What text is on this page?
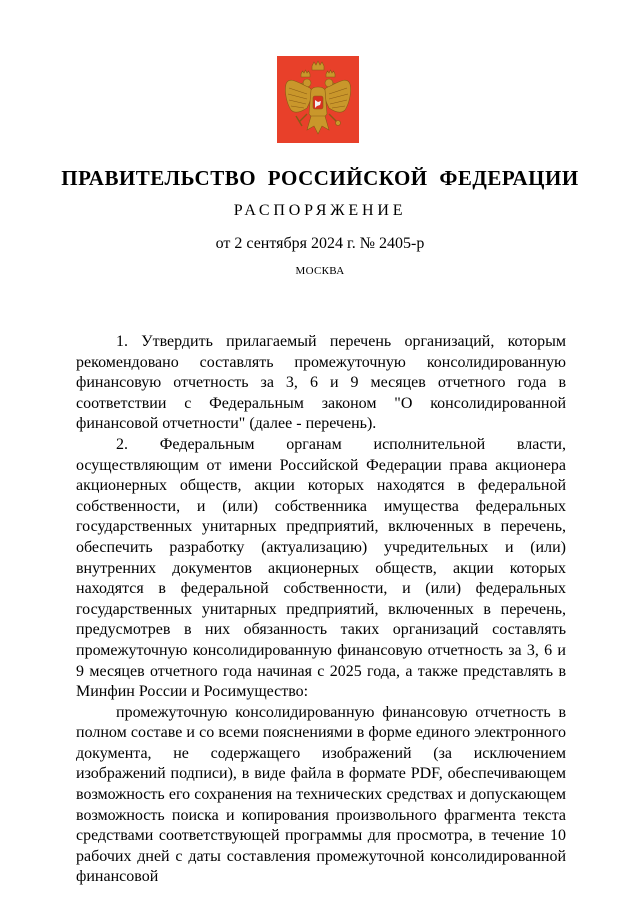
ПРАВИТЕЛЬСТВО РОССИЙСКОЙ ФЕДЕРАЦИИ
РАСПОРЯЖЕНИЕ
от 2 сентября 2024 г. № 2405-р
МОСКВА

1. Утвердить прилагаемый перечень организаций, которым рекомендовано составлять промежуточную консолидированную финансовую отчетность за 3, 6 и 9 месяцев отчетного года в соответствии с Федеральным законом "О консолидированной финансовой отчетности" (далее - перечень).

2. Федеральным органам исполнительной власти, осуществляющим от имени Российской Федерации права акционера акционерных обществ, акции которых находятся в федеральной собственности, и (или) собственника имущества федеральных государственных унитарных предприятий, включенных в перечень, обеспечить разработку (актуализацию) учредительных и (или) внутренних документов акционерных обществ, акции которых находятся в федеральной собственности, и (или) федеральных государственных унитарных предприятий, включенных в перечень, предусмотрев в них обязанность таких организаций составлять промежуточную консолидированную финансовую отчетность за 3, 6 и 9 месяцев отчетного года начиная с 2025 года, а также представлять в Минфин России и Росимущество:

промежуточную консолидированную финансовую отчетность в полном составе и со всеми пояснениями в форме единого электронного документа, не содержащего изображений (за исключением изображений подписи), в виде файла в формате PDF, обеспечивающем возможность его сохранения на технических средствах и допускающем возможность поиска и копирования произвольного фрагмента текста средствами соответствующей программы для просмотра, в течение 10 рабочих дней с даты составления промежуточной консолидированной финансовой
